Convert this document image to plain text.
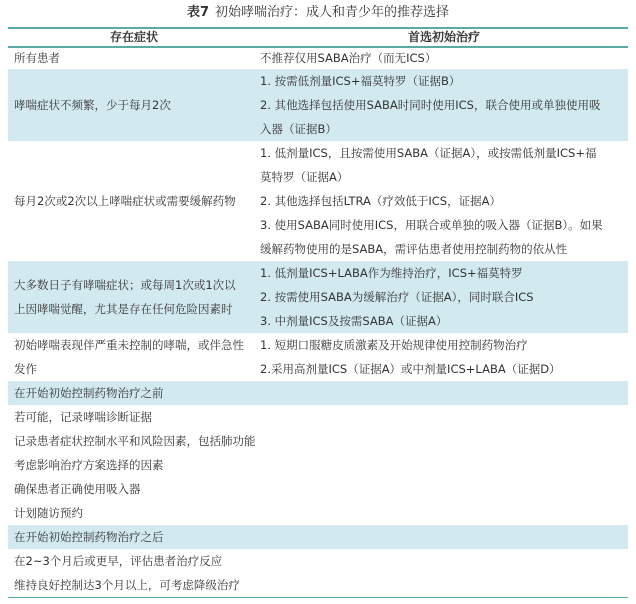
表7 初始哮喘治疗：成人和青少年的推荐选择
存在症状	首选初始治疗
所有患者	不推荐仅用SABA治疗（而无ICS）
哮喘症状不频繁，少于每月2次
1. 按需低剂量ICS+福莫特罗（证据B）
2. 其他选择包括使用SABA时同时使用ICS，联合使用或单独使用吸
入器（证据B）
每月2次或2次以上哮喘症状或需要缓解药物
1. 低剂量ICS，且按需使用SABA（证据A），或按需低剂量ICS+福
莫特罗（证据A）
2. 其他选择包括LTRA（疗效低于ICS，证据A）
3. 使用SABA同时使用ICS，用联合或单独的吸入器（证据B）。如果
缓解药物使用的是SABA，需评估患者使用控制药物的依从性
大多数日子有哮喘症状；或每周1次或1次以
上因哮喘觉醒，尤其是存在任何危险因素时
1. 低剂量ICS+LABA作为维持治疗，ICS+福莫特罗
2. 按需使用SABA为缓解治疗（证据A），同时联合ICS
3. 中剂量ICS及按需SABA（证据A）
初始哮喘表现伴严重未控制的哮喘，或伴急性
发作
1. 短期口服糖皮质激素及开始规律使用控制药物治疗
2.采用高剂量ICS（证据A）或中剂量ICS+LABA（证据D）
在开始初始控制药物治疗之前
若可能，记录哮喘诊断证据
记录患者症状控制水平和风险因素，包括肺功能
考虑影响治疗方案选择的因素
确保患者正确使用吸入器
计划随访预约
在开始初始控制药物治疗之后
在2~3个月后或更早，评估患者治疗反应
维持良好控制达3个月以上，可考虑降级治疗
